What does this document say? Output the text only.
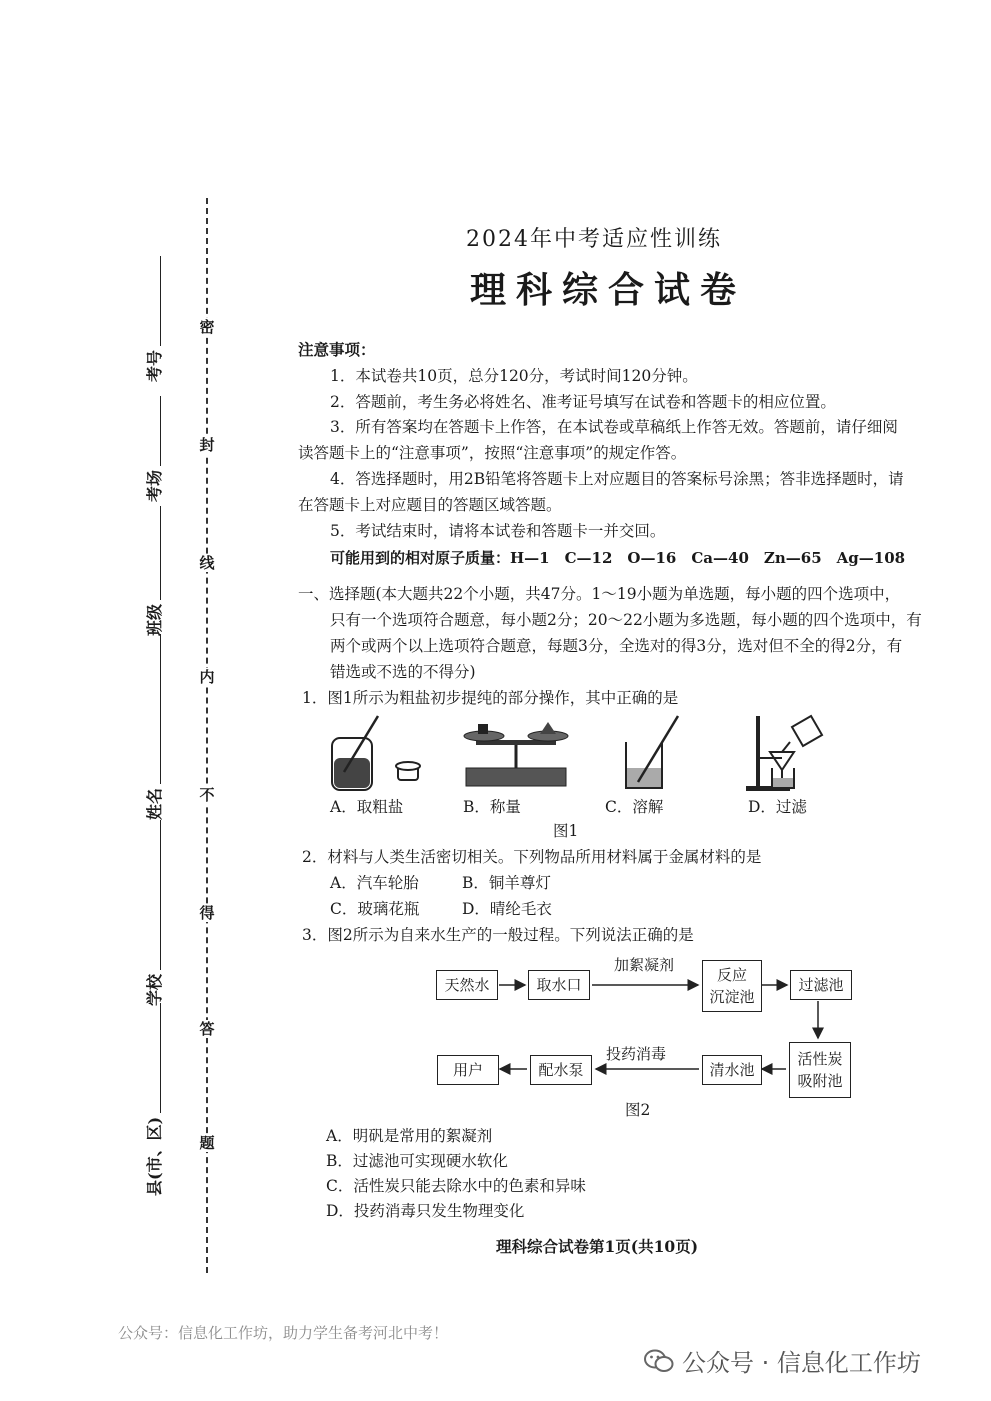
密
封
线
内
不
得
答
题
考号
考场
班级
姓名
学校
县(市、区)
2024年中考适应性训练
理科综合试卷
注意事项：
1．本试卷共10页，总分120分，考试时间120分钟。
2．答题前，考生务必将姓名、准考证号填写在试卷和答题卡的相应位置。
3．所有答案均在答题卡上作答，在本试卷或草稿纸上作答无效。答题前，请仔细阅
读答题卡上的“注意事项”，按照“注意事项”的规定作答。
4．答选择题时，用2B铅笔将答题卡上对应题目的答案标号涂黑；答非选择题时，请
在答题卡上对应题目的答题区域答题。
5．考试结束时，请将本试卷和答题卡一并交回。
可能用到的相对原子质量：H—1　C—12　O—16　Ca—40　Zn—65　Ag—108
一、选择题(本大题共22个小题，共47分。1～19小题为单选题，每小题的四个选项中，
只有一个选项符合题意，每小题2分；20～22小题为多选题，每小题的四个选项中，有
两个或两个以上选项符合题意，每题3分，全选对的得3分，选对但不全的得2分，有
错选或不选的不得分)
1．图1所示为粗盐初步提纯的部分操作，其中正确的是
A．取粗盐	B．称量	C．溶解	D．过滤
图1
2．材料与人类生活密切相关。下列物品所用材料属于金属材料的是
A．汽车轮胎	B．铜羊尊灯
C．玻璃花瓶	D．晴纶毛衣
3．图2所示为自来水生产的一般过程。下列说法正确的是
加絮凝剂
投药消毒
天然水	取水口
反应
沉淀池
过滤池
活性炭
吸附池
清水池
配水泵
用户
图2
A．明矾是常用的絮凝剂
B．过滤池可实现硬水软化
C．活性炭只能去除水中的色素和异味
D．投药消毒只发生物理变化
理科综合试卷第1页(共10页)
公众号：信息化工作坊，助力学生备考河北中考！
公众号 · 信息化工作坊
